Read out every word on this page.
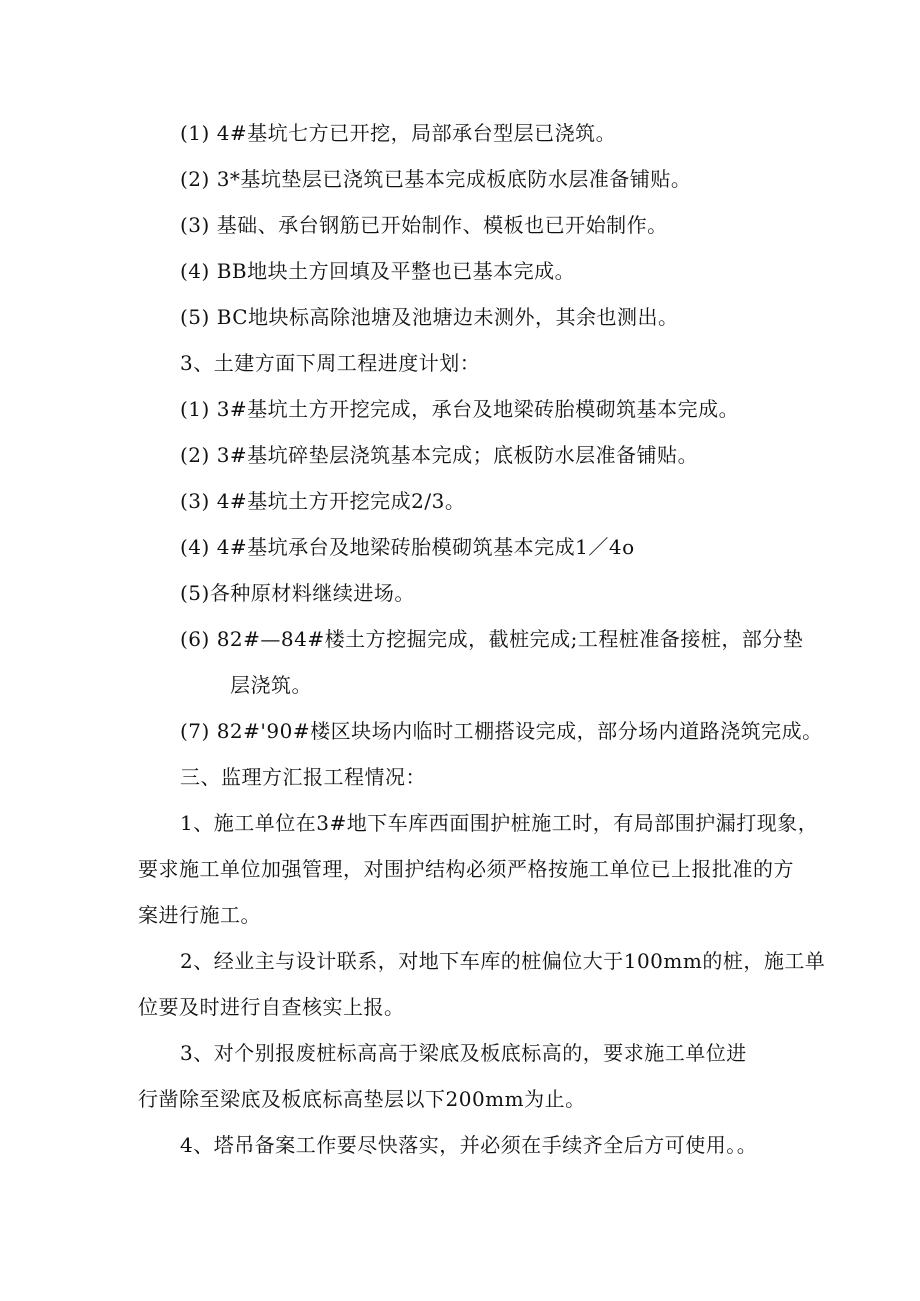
(1) 4#基坑七方已开挖，局部承台型层已浇筑。
(2) 3*基坑垫层已浇筑已基本完成板底防水层准备铺贴。
(3) 基础、承台钢筋已开始制作、模板也已开始制作。
(4) BB地块土方回填及平整也已基本完成。
(5) BC地块标高除池塘及池塘边未测外，其余也测出。
3、土建方面下周工程进度计划：
(1) 3#基坑土方开挖完成，承台及地梁砖胎模砌筑基本完成。
(2) 3#基坑碎垫层浇筑基本完成；底板防水层准备铺贴。
(3) 4#基坑土方开挖完成2/3。
(4) 4#基坑承台及地梁砖胎模砌筑基本完成1／4o
(5)各种原材料继续进场。
(6) 82#—84#楼土方挖掘完成，截桩完成;工程桩准备接桩，部分垫
层浇筑。
(7) 82#'90#楼区块场内临时工棚搭设完成，部分场内道路浇筑完成。
三、监理方汇报工程情况：
1、施工单位在3#地下车库西面围护桩施工时，有局部围护漏打现象，
要求施工单位加强管理，对围护结构必须严格按施工单位已上报批准的方
案进行施工。
2、经业主与设计联系，对地下车库的桩偏位大于100mm的桩，施工单
位要及时进行自查核实上报。
3、对个别报废桩标高高于梁底及板底标高的，要求施工单位进
行凿除至梁底及板底标高垫层以下200mm为止。
4、塔吊备案工作要尽快落实，并必须在手续齐全后方可使用。。
